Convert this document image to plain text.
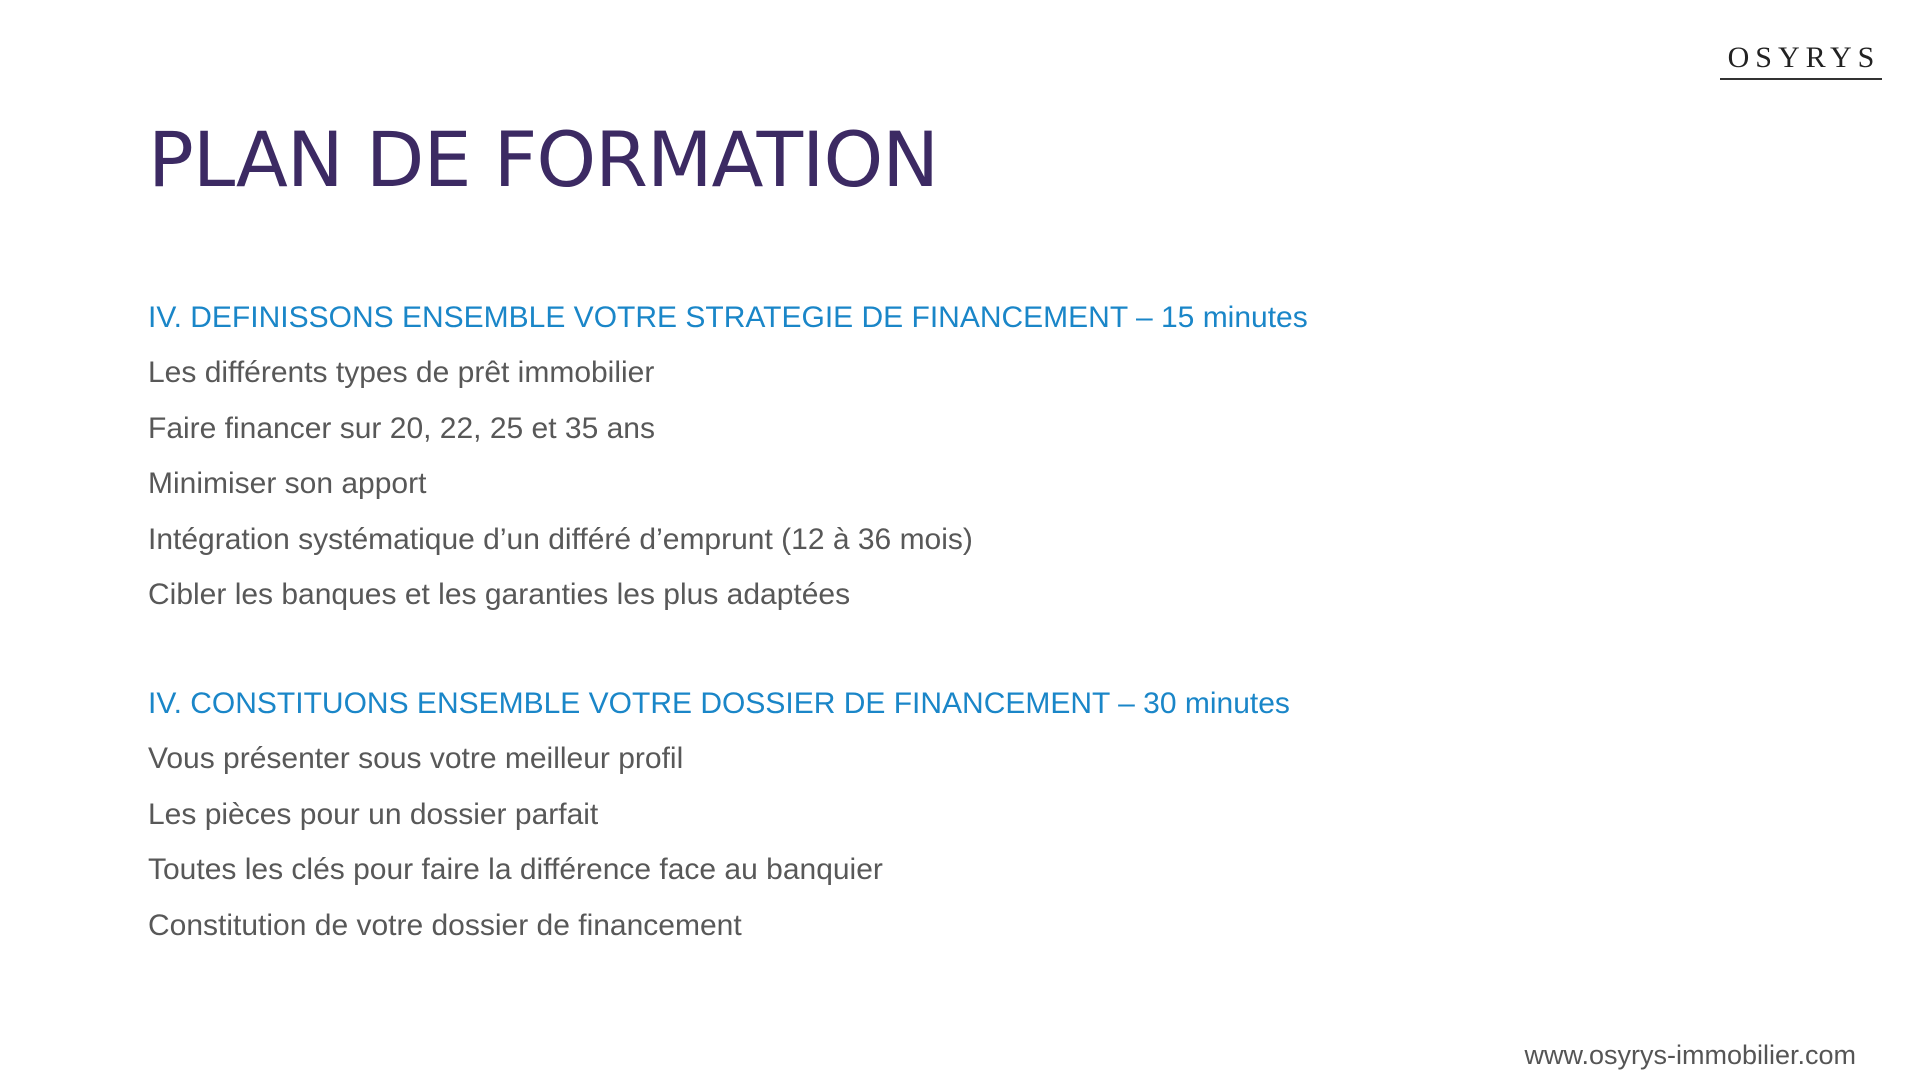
OSYRYS
PLAN DE FORMATION
IV. DEFINISSONS ENSEMBLE VOTRE STRATEGIE DE FINANCEMENT – 15 minutes
Les différents types de prêt immobilier
Faire financer sur 20, 22, 25 et 35 ans
Minimiser son apport
Intégration systématique d’un différé d’emprunt (12 à 36 mois)
Cibler les banques et les garanties les plus adaptées
IV. CONSTITUONS ENSEMBLE VOTRE DOSSIER DE FINANCEMENT – 30 minutes
Vous présenter sous votre meilleur profil
Les pièces pour un dossier parfait
Toutes les clés pour faire la différence face au banquier
Constitution de votre dossier de financement
www.osyrys-immobilier.com
